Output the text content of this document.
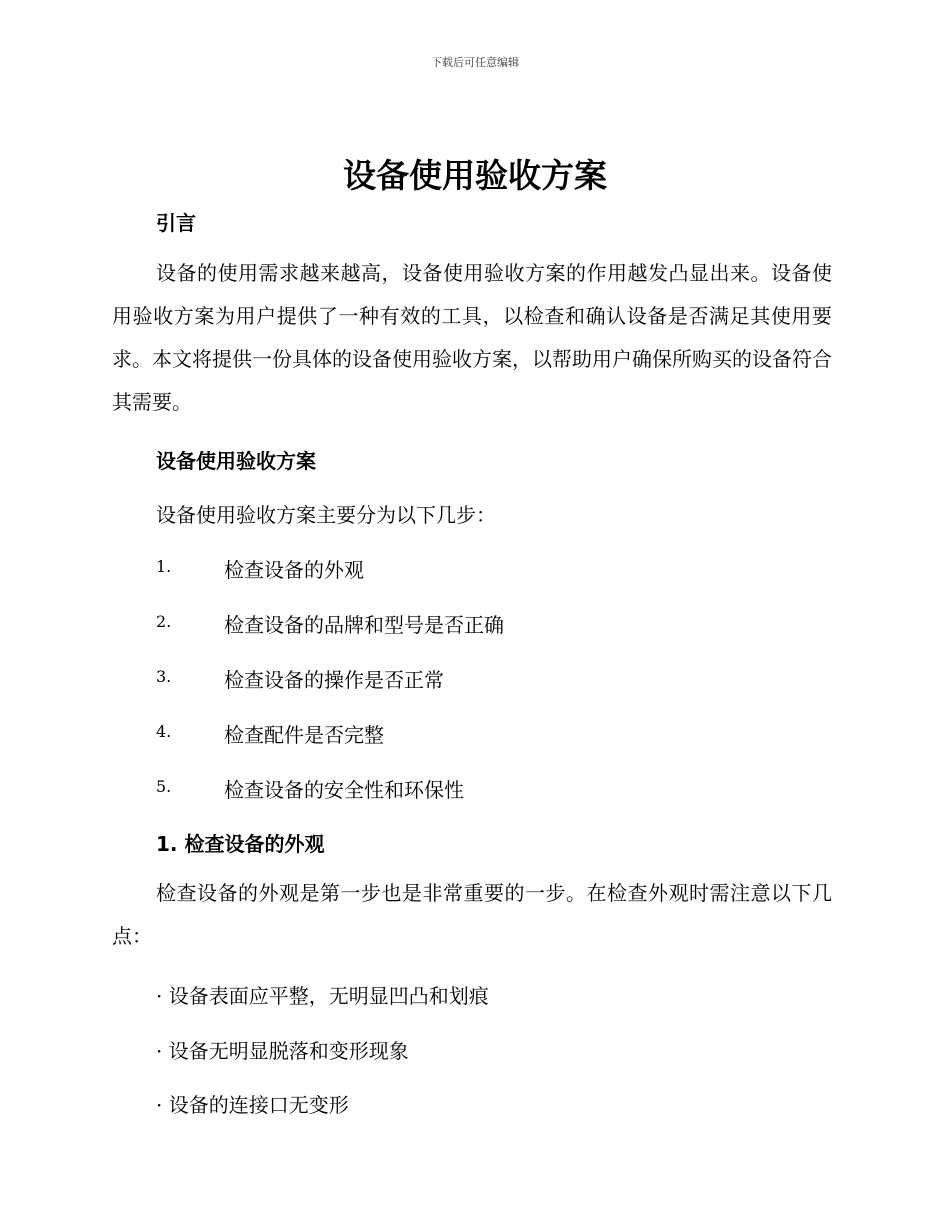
下载后可任意编辑
设备使用验收方案
引言
设备的使用需求越来越高，设备使用验收方案的作用越发凸显出来。设备使用验收方案为用户提供了一种有效的工具，以检查和确认设备是否满足其使用要求。本文将提供一份具体的设备使用验收方案，以帮助用户确保所购买的设备符合其需要。
设备使用验收方案
设备使用验收方案主要分为以下几步：
1.	检查设备的外观
2.	检查设备的品牌和型号是否正确
3.	检查设备的操作是否正常
4.	检查配件是否完整
5.	检查设备的安全性和环保性
1. 检查设备的外观
检查设备的外观是第一步也是非常重要的一步。在检查外观时需注意以下几点：
· 设备表面应平整，无明显凹凸和划痕
· 设备无明显脱落和变形现象
· 设备的连接口无变形
